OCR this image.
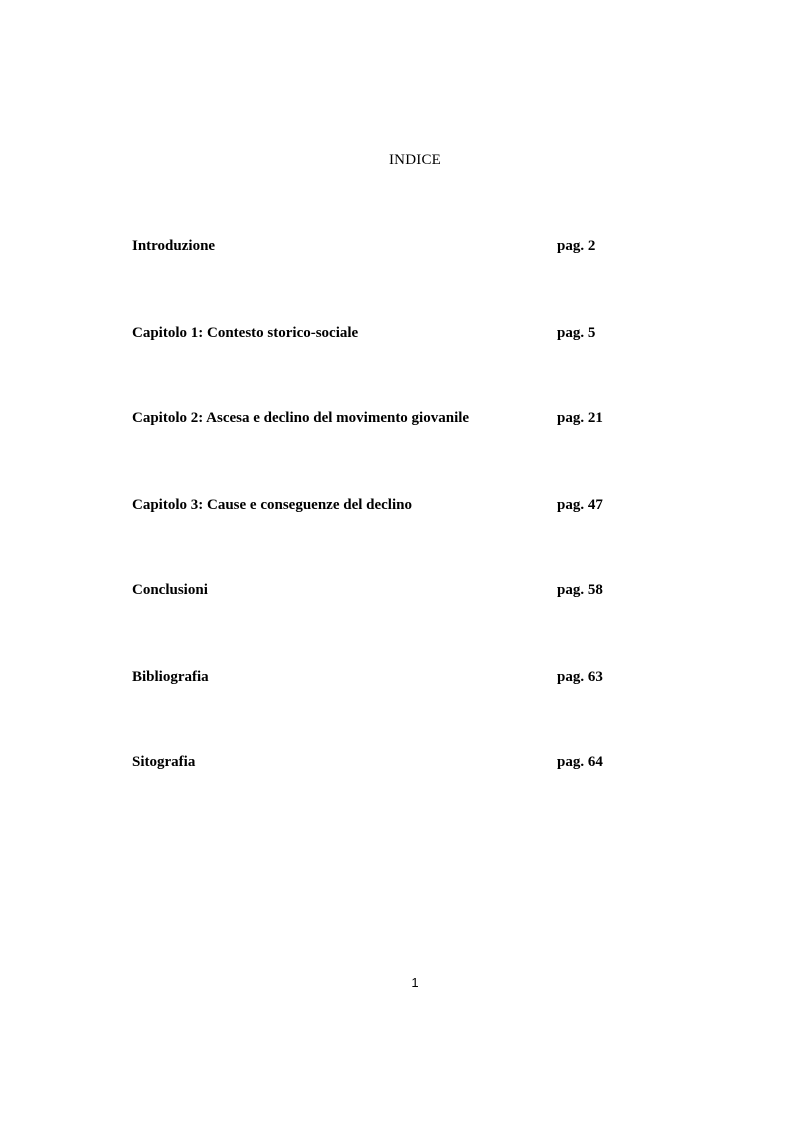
INDICE
Introduzione	pag. 2
Capitolo 1: Contesto storico-sociale	pag. 5
Capitolo 2: Ascesa e declino del movimento giovanile	pag. 21
Capitolo 3: Cause e conseguenze del declino	pag. 47
Conclusioni	pag. 58
Bibliografia	pag. 63
Sitografia	pag. 64
1
